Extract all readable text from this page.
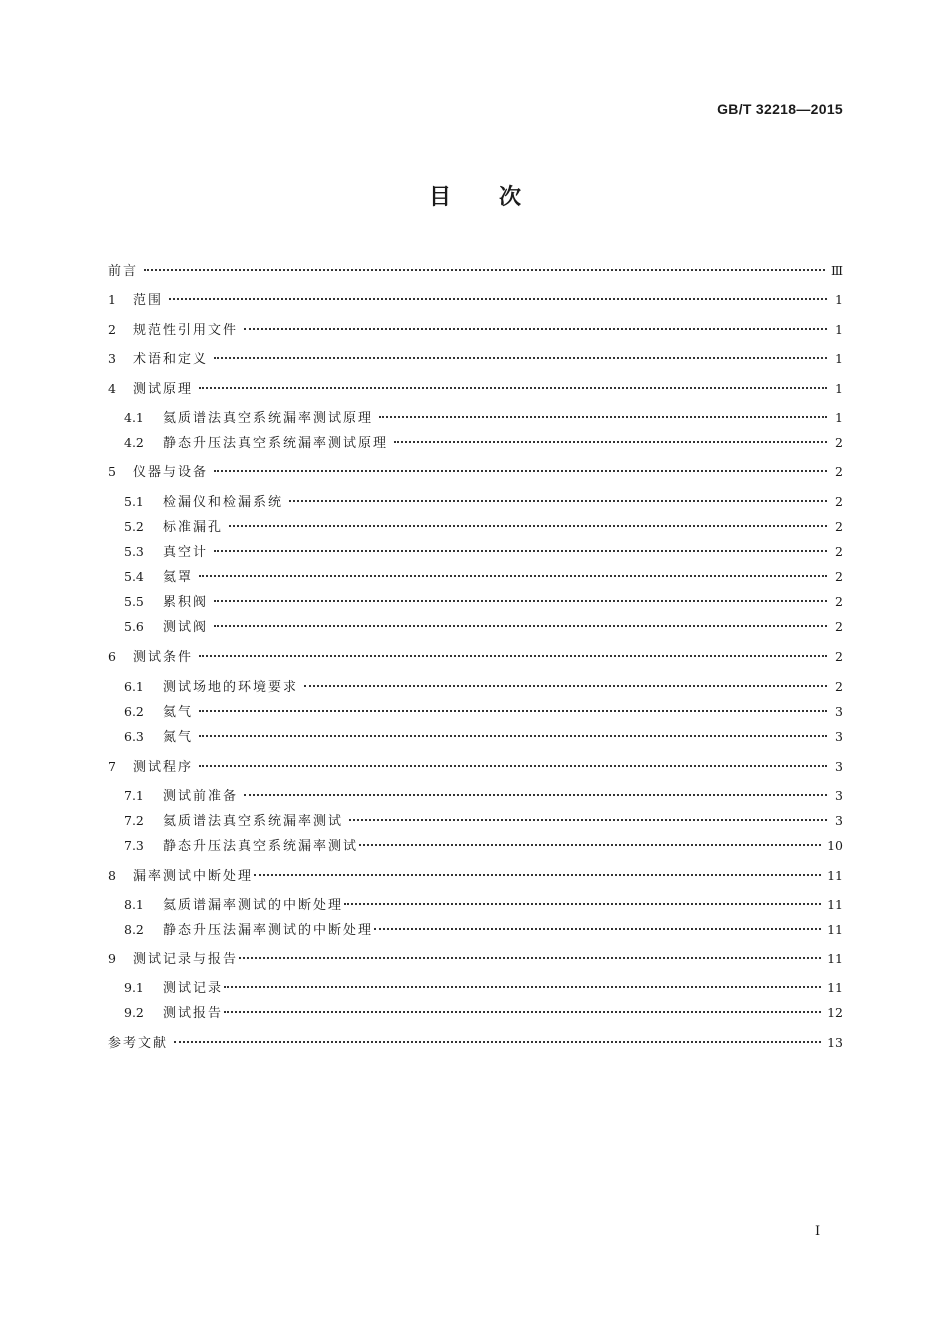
GB/T 32218—2015
目次
前言	Ⅲ
1	范围	1
2	规范性引用文件	1
3	术语和定义	1
4	测试原理	1
4.1	氦质谱法真空系统漏率测试原理	1
4.2	静态升压法真空系统漏率测试原理	2
5	仪器与设备	2
5.1	检漏仪和检漏系统	2
5.2	标准漏孔	2
5.3	真空计	2
5.4	氦罩	2
5.5	累积阀	2
5.6	测试阀	2
6	测试条件	2
6.1	测试场地的环境要求	2
6.2	氦气	3
6.3	氮气	3
7	测试程序	3
7.1	测试前准备	3
7.2	氦质谱法真空系统漏率测试	3
7.3	静态升压法真空系统漏率测试	10
8	漏率测试中断处理	11
8.1	氦质谱漏率测试的中断处理	11
8.2	静态升压法漏率测试的中断处理	11
9	测试记录与报告	11
9.1	测试记录	11
9.2	测试报告	12
参考文献	13
Ⅰ
